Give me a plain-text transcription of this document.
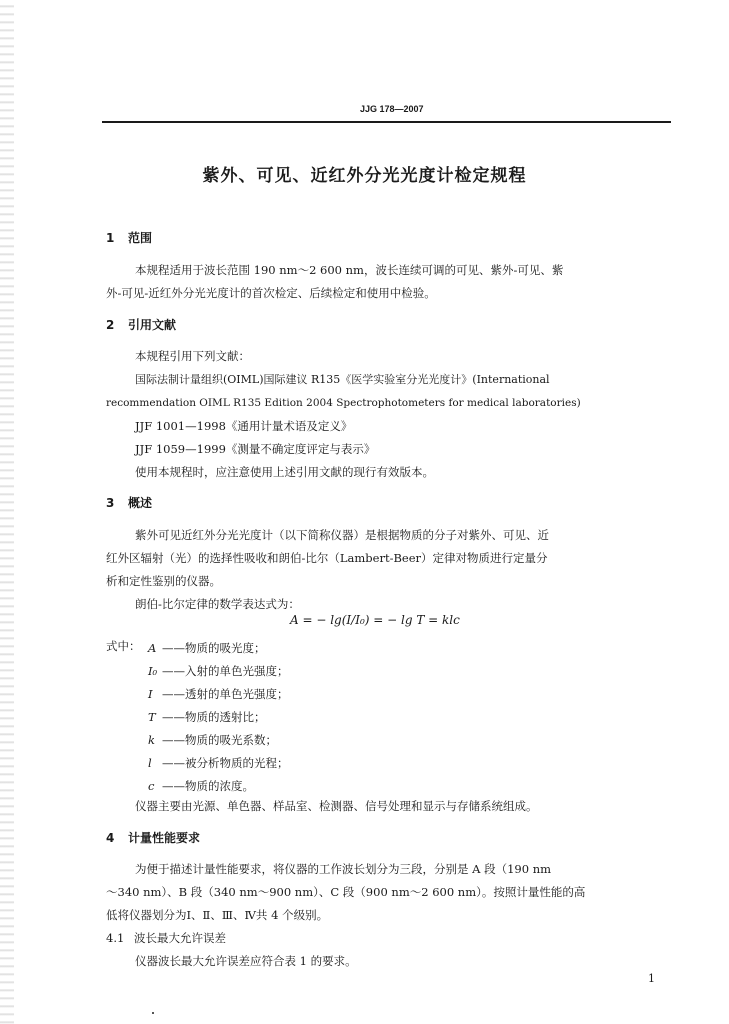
JJG 178—2007
紫外、可见、近红外分光光度计检定规程
1 范围
本规程适用于波长范围 190 nm～2 600 nm，波长连续可调的可见、紫外-可见、紫
外-可见-近红外分光光度计的首次检定、后续检定和使用中检验。
2 引用文献
本规程引用下列文献：
国际法制计量组织(OIML)国际建议 R135《医学实验室分光光度计》(International
recommendation OIML R135 Edition 2004 Spectrophotometers for medical laboratories)
JJF 1001—1998《通用计量术语及定义》
JJF 1059—1999《测量不确定度评定与表示》
使用本规程时，应注意使用上述引用文献的现行有效版本。
3 概述
紫外可见近红外分光光度计（以下简称仪器）是根据物质的分子对紫外、可见、近
红外区辐射（光）的选择性吸收和朗伯-比尔（Lambert-Beer）定律对物质进行定量分
析和定性鉴别的仪器。
朗伯-比尔定律的数学表达式为：
A = − lg(I/I₀) = − lg T = klc
式中： A ——物质的吸光度；
I₀ ——入射的单色光强度；
I ——透射的单色光强度；
T ——物质的透射比；
k ——物质的吸光系数；
l ——被分析物质的光程；
c ——物质的浓度。
仪器主要由光源、单色器、样品室、检测器、信号处理和显示与存储系统组成。
4 计量性能要求
为便于描述计量性能要求，将仪器的工作波长划分为三段，分别是 A 段（190 nm
～340 nm）、B 段（340 nm～900 nm）、C 段（900 nm～2 600 nm）。按照计量性能的高
低将仪器划分为Ⅰ、Ⅱ、Ⅲ、Ⅳ共 4 个级别。
4.1 波长最大允许误差
仪器波长最大允许误差应符合表 1 的要求。
1
